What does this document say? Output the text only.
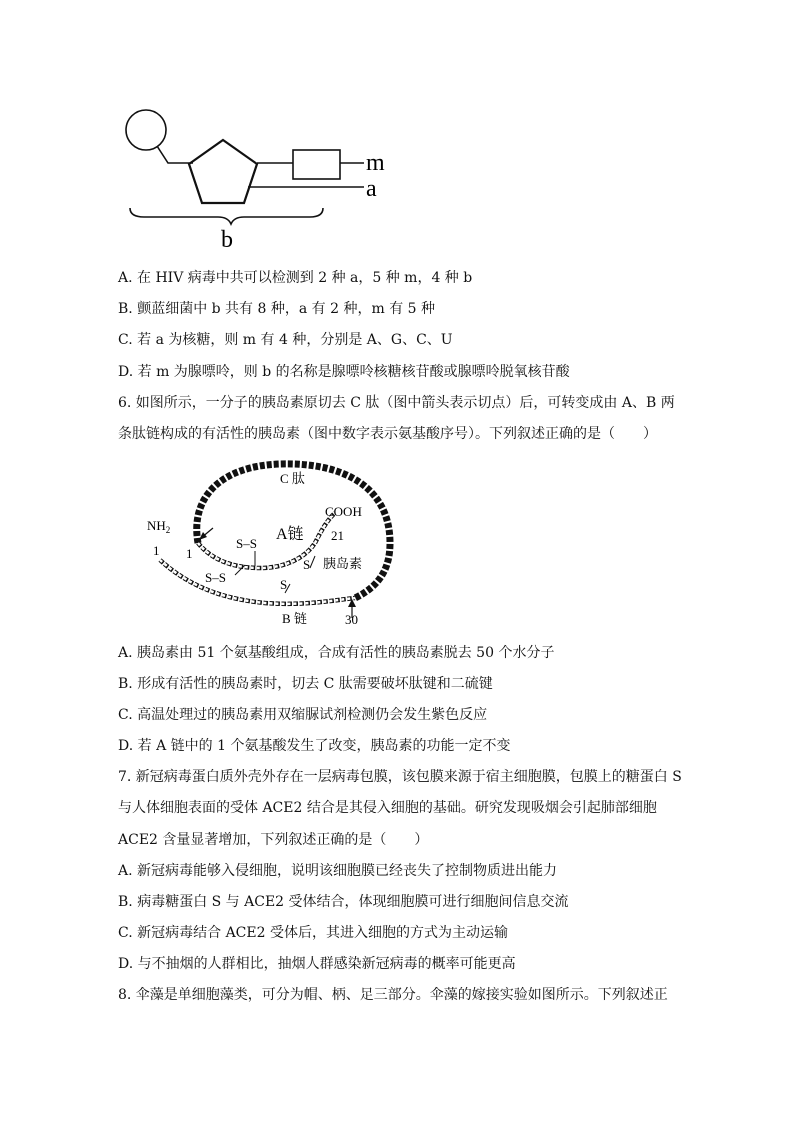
m
a
b
A. 在 HIV 病毒中共可以检测到 2 种 a，5 种 m，4 种 b
B. 颤蓝细菌中 b 共有 8 种，a 有 2 种，m 有 5 种
C. 若 a 为核糖，则 m 有 4 种，分别是 A、G、C、U
D. 若 m 为腺嘌呤，则 b 的名称是腺嘌呤核糖核苷酸或腺嘌呤脱氧核苷酸
6. 如图所示，一分子的胰岛素原切去 C 肽（图中箭头表示切点）后，可转变成由 A、B 两
条肽链构成的有活性的胰岛素（图中数字表示氨基酸序号）。下列叙述正确的是（　　）
C 肽
A链
B 链
$NH_2$
COOH
胰岛素
1 1
21
30
S–S
S–S	S
S
A. 胰岛素由 51 个氨基酸组成，合成有活性的胰岛素脱去 50 个水分子
B. 形成有活性的胰岛素时，切去 C 肽需要破坏肽键和二硫键
C. 高温处理过的胰岛素用双缩脲试剂检测仍会发生紫色反应
D. 若 A 链中的 1 个氨基酸发生了改变，胰岛素的功能一定不变
7. 新冠病毒蛋白质外壳外存在一层病毒包膜，该包膜来源于宿主细胞膜，包膜上的糖蛋白 S
与人体细胞表面的受体 ACE2 结合是其侵入细胞的基础。研究发现吸烟会引起肺部细胞
ACE2 含量显著增加，下列叙述正确的是（　　）
A. 新冠病毒能够入侵细胞，说明该细胞膜已经丧失了控制物质进出能力
B. 病毒糖蛋白 S 与 ACE2 受体结合，体现细胞膜可进行细胞间信息交流
C. 新冠病毒结合 ACE2 受体后，其进入细胞的方式为主动运输
D. 与不抽烟的人群相比，抽烟人群感染新冠病毒的概率可能更高
8. 伞藻是单细胞藻类，可分为帽、柄、足三部分。伞藻的嫁接实验如图所示。下列叙述正
